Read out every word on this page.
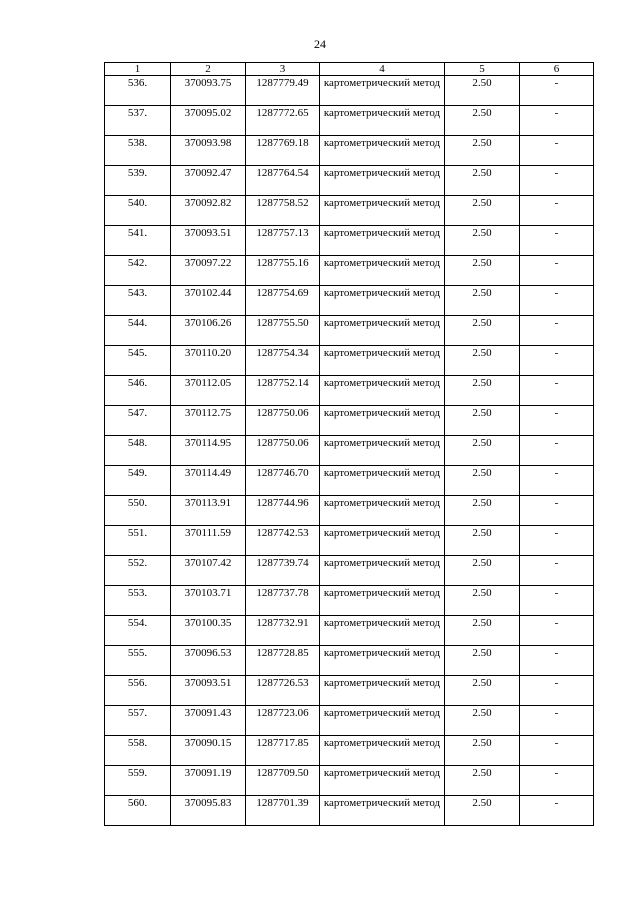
24
1	2	3	4	5	6
536.	370093.75	1287779.49	картометрический метод	2.50	-
537.	370095.02	1287772.65	картометрический метод	2.50	-
538.	370093.98	1287769.18	картометрический метод	2.50	-
539.	370092.47	1287764.54	картометрический метод	2.50	-
540.	370092.82	1287758.52	картометрический метод	2.50	-
541.	370093.51	1287757.13	картометрический метод	2.50	-
542.	370097.22	1287755.16	картометрический метод	2.50	-
543.	370102.44	1287754.69	картометрический метод	2.50	-
544.	370106.26	1287755.50	картометрический метод	2.50	-
545.	370110.20	1287754.34	картометрический метод	2.50	-
546.	370112.05	1287752.14	картометрический метод	2.50	-
547.	370112.75	1287750.06	картометрический метод	2.50	-
548.	370114.95	1287750.06	картометрический метод	2.50	-
549.	370114.49	1287746.70	картометрический метод	2.50	-
550.	370113.91	1287744.96	картометрический метод	2.50	-
551.	370111.59	1287742.53	картометрический метод	2.50	-
552.	370107.42	1287739.74	картометрический метод	2.50	-
553.	370103.71	1287737.78	картометрический метод	2.50	-
554.	370100.35	1287732.91	картометрический метод	2.50	-
555.	370096.53	1287728.85	картометрический метод	2.50	-
556.	370093.51	1287726.53	картометрический метод	2.50	-
557.	370091.43	1287723.06	картометрический метод	2.50	-
558.	370090.15	1287717.85	картометрический метод	2.50	-
559.	370091.19	1287709.50	картометрический метод	2.50	-
560.	370095.83	1287701.39	картометрический метод	2.50	-
